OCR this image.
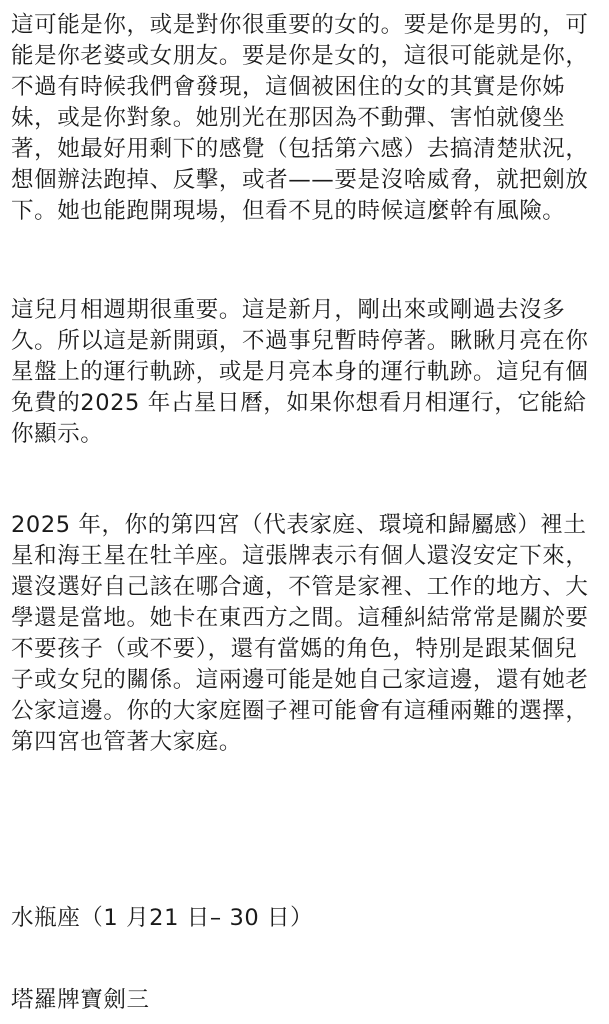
這可能是你，或是對你很重要的女的。要是你是男的，可
能是你老婆或女朋友。要是你是女的，這很可能就是你，
不過有時候我們會發現，這個被困住的女的其實是你姊
妹，或是你對象。她別光在那因為不動彈、害怕就傻坐
著，她最好用剩下的感覺（包括第六感）去搞清楚狀況，
想個辦法跑掉、反擊，或者——要是沒啥威脅，就把劍放
下。她也能跑開現場，但看不見的時候這麼幹有風險。
這兒月相週期很重要。這是新月，剛出來或剛過去沒多
久。所以這是新開頭，不過事兒暫時停著。瞅瞅月亮在你
星盤上的運行軌跡，或是月亮本身的運行軌跡。這兒有個
免費的2025 年占星日曆，如果你想看月相運行，它能給
你顯示。
2025 年，你的第四宮（代表家庭、環境和歸屬感）裡土
星和海王星在牡羊座。這張牌表示有個人還沒安定下來，
還沒選好自己該在哪合適，不管是家裡、工作的地方、大
學還是當地。她卡在東西方之間。這種糾結常常是關於要
不要孩子（或不要），還有當媽的角色，特別是跟某個兒
子或女兒的關係。這兩邊可能是她自己家這邊，還有她老
公家這邊。你的大家庭圈子裡可能會有這種兩難的選擇，
第四宮也管著大家庭。
水瓶座（1 月21 日– 30 日）
塔羅牌寶劍三
